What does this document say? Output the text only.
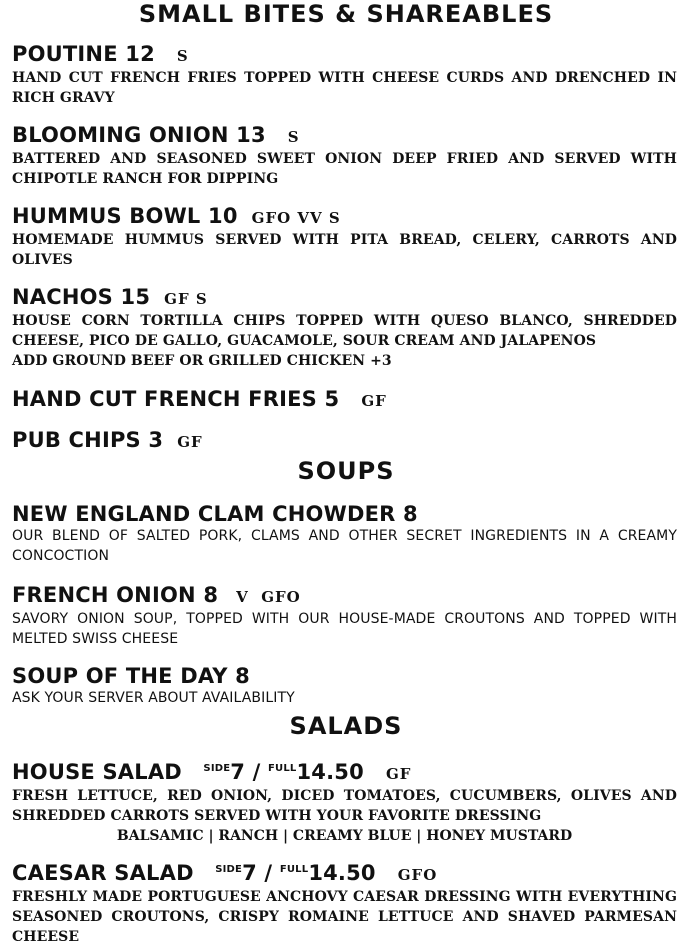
SMALL BITES & SHAREABLES
POUTINE 12 S
HAND CUT FRENCH FRIES TOPPED WITH CHEESE CURDS AND DRENCHED IN RICH GRAVY
BLOOMING ONION 13 S
BATTERED AND SEASONED SWEET ONION DEEP FRIED AND SERVED WITH CHIPOTLE RANCH FOR DIPPING
HUMMUS BOWL 10 GFO VV S
HOMEMADE HUMMUS SERVED WITH PITA BREAD, CELERY, CARROTS AND OLIVES
NACHOS 15 GF S
HOUSE CORN TORTILLA CHIPS TOPPED WITH QUESO BLANCO, SHREDDED CHEESE, PICO DE GALLO, GUACAMOLE, SOUR CREAM AND JALAPENOS
ADD GROUND BEEF OR GRILLED CHICKEN +3
HAND CUT FRENCH FRIES 5 GF
PUB CHIPS 3 GF
SOUPS
NEW ENGLAND CLAM CHOWDER 8
OUR BLEND OF SALTED PORK, CLAMS AND OTHER SECRET INGREDIENTS IN A CREAMY CONCOCTION
FRENCH ONION 8 V  GFO
SAVORY ONION SOUP, TOPPED WITH OUR HOUSE-MADE CROUTONS AND TOPPED WITH MELTED SWISS CHEESE
SOUP OF THE DAY 8
ASK YOUR SERVER ABOUT AVAILABILITY
SALADS
HOUSE SALAD $^{SIDE}$7 / $^{FULL}$14.50 GF
FRESH LETTUCE, RED ONION, DICED TOMATOES, CUCUMBERS, OLIVES AND SHREDDED CARROTS SERVED WITH YOUR FAVORITE DRESSING
BALSAMIC | RANCH | CREAMY BLUE | HONEY MUSTARD
CAESAR SALAD $^{SIDE}$7 / $^{FULL}$14.50 GFO
FRESHLY MADE PORTUGUESE ANCHOVY CAESAR DRESSING WITH EVERYTHING SEASONED CROUTONS, CRISPY ROMAINE LETTUCE AND SHAVED PARMESAN CHEESE
